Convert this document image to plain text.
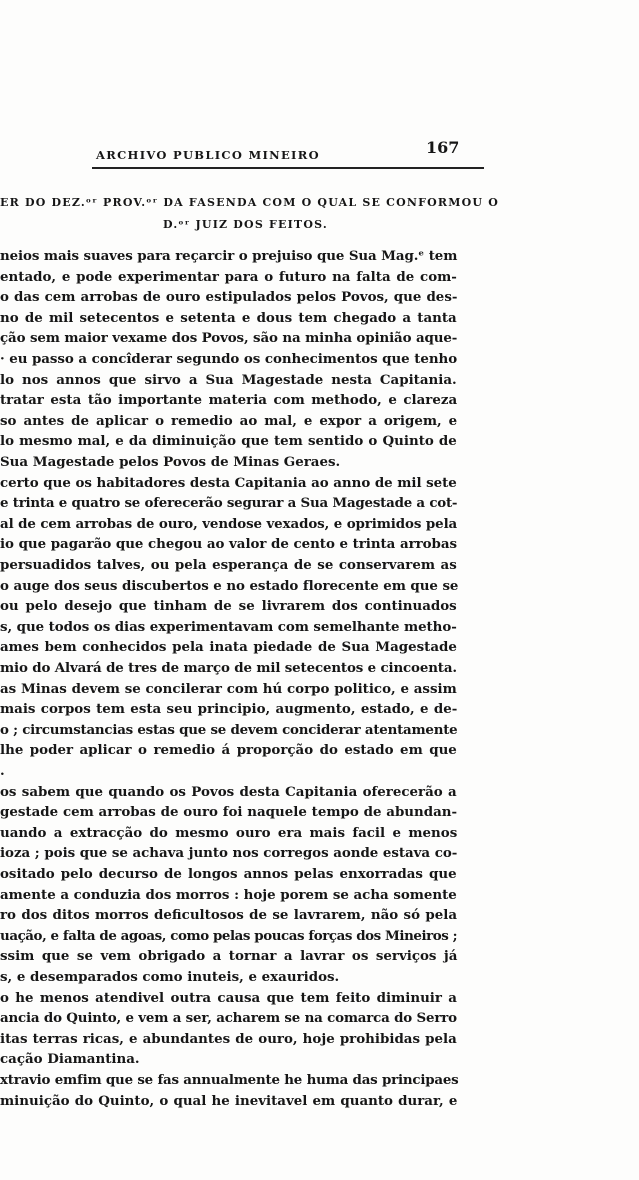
ARCHIVO PUBLICO MINEIRO	167
ER DO DEZ.ᵒʳ PROV.ᵒʳ DA FASENDA COM O QUAL SE CONFORMOU O
D.ᵒʳ JUIZ DOS FEITOS.
neios mais suaves para reçarcir o prejuiso que Sua Mag.ᵉ tem
entado, e pode experimentar para o futuro na falta de com-
o das cem arrobas de ouro estipulados pelos Povos, que des-
no de mil setecentos e setenta e dous tem chegado a tanta
ção sem maior vexame dos Povos, são na minha opinião aque-
· eu passo a concîderar segundo os conhecimentos que tenho
lo nos annos que sirvo a Sua Magestade nesta Capitania.
tratar esta tão importante materia com methodo, e clareza
so antes de aplicar o remedio ao mal, e expor a origem, e
lo mesmo mal, e da diminuição que tem sentido o Quinto de
Sua Magestade pelos Povos de Minas Geraes.
certo que os habitadores desta Capitania ao anno de mil sete
e trinta e quatro se oferecerão segurar a Sua Magestade a cot-
al de cem arrobas de ouro, vendose vexados, e oprimidos pela
io que pagarão que chegou ao valor de cento e trinta arrobas
persuadidos talves, ou pela esperança de se conservarem as
o auge dos seus discubertos e no estado florecente em que se
ou pelo desejo que tinham de se livrarem dos continuados
s, que todos os dias experimentavam com semelhante metho-
ames bem conhecidos pela inata piedade de Sua Magestade
mio do Alvará de tres de março de mil setecentos e cincoenta.
as Minas devem se concilerar com hú corpo politico, e assim
mais corpos tem esta seu principio, augmento, estado, e de-
o ; circumstancias estas que se devem conciderar atentamente
lhe poder aplicar o remedio á proporção do estado em que
.
os sabem que quando os Povos desta Capitania oferecerão a
gestade cem arrobas de ouro foi naquele tempo de abundan-
uando a extracção do mesmo ouro era mais facil e menos
ioza ; pois que se achava junto nos corregos aonde estava co-
ositado pelo decurso de longos annos pelas enxorradas que
amente a conduzia dos morros : hoje porem se acha somente
ro dos ditos morros deficultosos de se lavrarem, não só pela
uação, e falta de agoas, como pelas poucas forças dos Mineiros ;
ssim que se vem obrigado a tornar a lavrar os serviços já
s, e desemparados como inuteis, e exauridos.
o he menos atendivel outra causa que tem feito diminuir a
ancia do Quinto, e vem a ser, acharem se na comarca do Serro
itas terras ricas, e abundantes de ouro, hoje prohibidas pela
cação Diamantina.
xtravio emfim que se fas annualmente he huma das principaes
minuição do Quinto, o qual he inevitavel em quanto durar, e
